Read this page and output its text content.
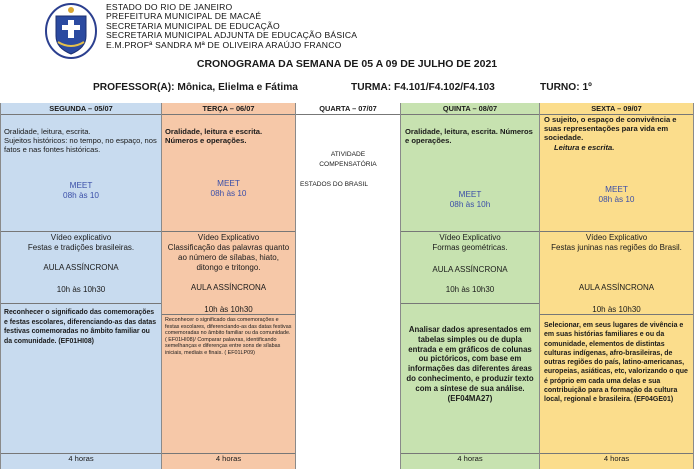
ESTADO DO RIO DE JANEIRO
PREFEITURA MUNICIPAL DE MACAÉ
SECRETARIA MUNICIPAL DE EDUCAÇÃO
SECRETARIA MUNICIPAL ADJUNTA DE EDUCAÇÃO BÁSICA
E.M.PROFª SANDRA Mª DE OLIVEIRA ARAÚJO FRANCO
CRONOGRAMA DA SEMANA DE 05 A 09 DE JULHO DE 2021
PROFESSOR(A): Mônica, Elielma e Fátima	TURMA: F4.101/F4.102/F4.103	TURNO: 1º
SEGUNDA – 05/07
Oralidade, leitura, escrita.
Sujeitos históricos: no tempo, no espaço, nos fatos e nas fontes históricas.
MEET
08h às 10
Vídeo explicativo
Festas e tradições brasileiras.
AULA ASSÍNCRONA
10h às 10h30
Reconhecer o significado das comemorações e festas escolares, diferenciando-as das datas festivas comemoradas no âmbito familiar ou da comunidade. (EF01HI08)
4 horas
TERÇA – 06/07
Oralidade, leitura e escrita. Números e operações.
MEET
08h às 10
Vídeo Explicativo
Classificação das palavras quanto ao número de sílabas, hiato, ditongo e tritongo.
AULA ASSÍNCRONA
10h às 10h30
Reconhecer o significado das comemorações e festas escolares, diferenciando-as das datas festivas comemoradas no âmbito familiar ou da comunidade. ( EF01HI08)/ Comparar palavras, identificando semelhanças e diferenças entre sons de sílabas iniciais, mediais e finais. ( EF01LP09)
4 horas
QUARTA – 07/07
ATIVIDADE
COMPENSATÓRIA
ESTADOS DO BRASIL
QUINTA – 08/07
Oralidade, leitura, escrita. Números e operações.
MEET
08h às 10h
Vídeo Explicativo
Formas geométricas.
AULA ASSÍNCRONA
10h às 10h30
Analisar dados apresentados em tabelas simples ou de dupla entrada e em gráficos de colunas ou pictóricos, com base em informações das diferentes áreas do conhecimento, e produzir texto com a síntese de sua análise. (EF04MA27)
4 horas
SEXTA – 09/07
O sujeito, o espaço de convivência e suas representações para vida em sociedade.
Leitura e escrita.
MEET
08h às 10
Vídeo Explicativo
Festas juninas nas regiões do Brasil.
AULA ASSÍNCRONA
10h às 10h30
Selecionar, em seus lugares de vivência e em suas histórias familiares e ou da comunidade, elementos de distintas culturas indígenas, afro-brasileiras, de outras regiões do país, latino-americanas, europeias, asiáticas, etc, valorizando o que é próprio em cada uma delas e sua contribuição para a formação da cultura local, regional e brasileira. (EF04GE01)
4 horas
